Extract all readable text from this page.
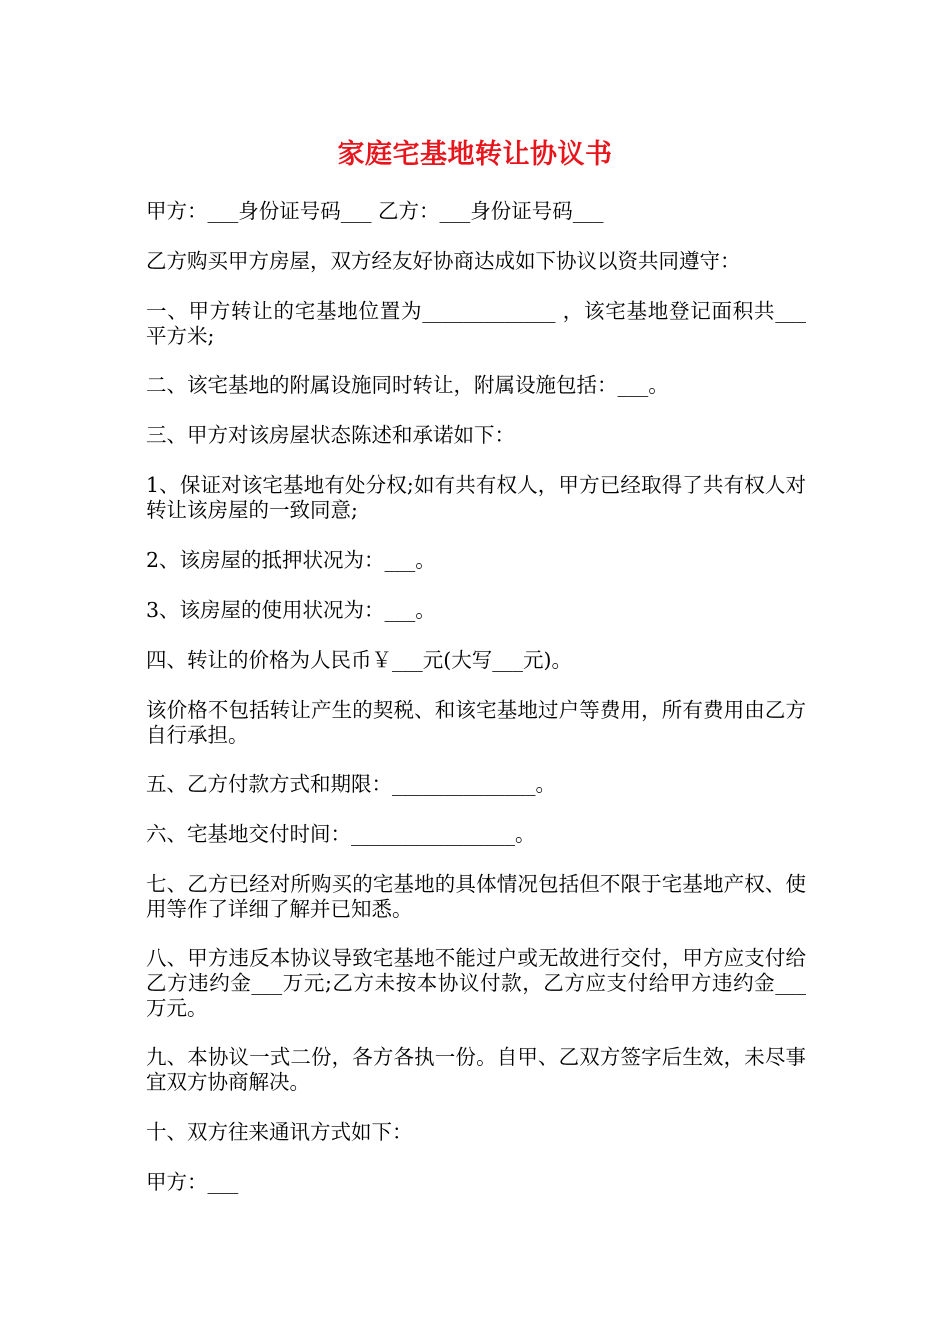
家庭宅基地转让协议书

甲方：___身份证号码___ 乙方：___身份证号码___

乙方购买甲方房屋，双方经友好协商达成如下协议以资共同遵守：

一、甲方转让的宅基地位置为_____________ ，该宅基地登记面积共___平方米;

二、该宅基地的附属设施同时转让，附属设施包括：___。

三、甲方对该房屋状态陈述和承诺如下：

1、保证对该宅基地有处分权;如有共有权人，甲方已经取得了共有权人对转让该房屋的一致同意;

2、该房屋的抵押状况为：___。

3、该房屋的使用状况为：___。

四、转让的价格为人民币￥___元(大写___元)。

该价格不包括转让产生的契税、和该宅基地过户等费用，所有费用由乙方自行承担。

五、乙方付款方式和期限：______________。

六、宅基地交付时间：________________。

七、乙方已经对所购买的宅基地的具体情况包括但不限于宅基地产权、使用等作了详细了解并已知悉。

八、甲方违反本协议导致宅基地不能过户或无故进行交付，甲方应支付给乙方违约金___万元;乙方未按本协议付款，乙方应支付给甲方违约金___万元。

九、本协议一式二份，各方各执一份。自甲、乙双方签字后生效，未尽事宜双方协商解决。

十、双方往来通讯方式如下：

甲方：___
